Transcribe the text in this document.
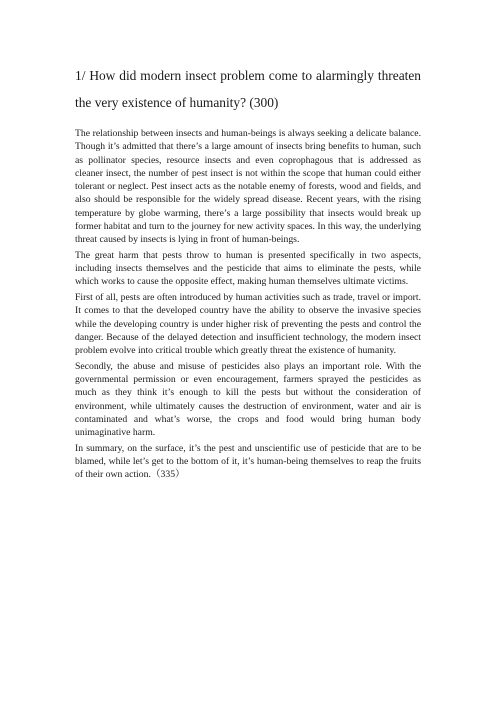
1/ How did modern insect problem come to alarmingly threaten the very existence of humanity? (300)

The relationship between insects and human-beings is always seeking a delicate balance. Though it’s admitted that there’s a large amount of insects bring benefits to human, such as pollinator species, resource insects and even coprophagous that is addressed as cleaner insect, the number of pest insect is not within the scope that human could either tolerant or neglect. Pest insect acts as the notable enemy of forests, wood and fields, and also should be responsible for the widely spread disease. Recent years, with the rising temperature by globe warming, there’s a large possibility that insects would break up former habitat and turn to the journey for new activity spaces. In this way, the underlying threat caused by insects is lying in front of human-beings.

The great harm that pests throw to human is presented specifically in two aspects, including insects themselves and the pesticide that aims to eliminate the pests, while which works to cause the opposite effect, making human themselves ultimate victims.

First of all, pests are often introduced by human activities such as trade, travel or import. It comes to that the developed country have the ability to observe the invasive species while the developing country is under higher risk of preventing the pests and control the danger. Because of the delayed detection and insufficient technology, the modern insect problem evolve into critical trouble which greatly threat the existence of humanity.

Secondly, the abuse and misuse of pesticides also plays an important role. With the governmental permission or even encouragement, farmers sprayed the pesticides as much as they think it’s enough to kill the pests but without the consideration of environment, while ultimately causes the destruction of environment, water and air is contaminated and what’s worse, the crops and food would bring human body unimaginative harm.

In summary, on the surface, it’s the pest and unscientific use of pesticide that are to be blamed, while let’s get to the bottom of it, it’s human-being themselves to reap the fruits of their own action.（335）
